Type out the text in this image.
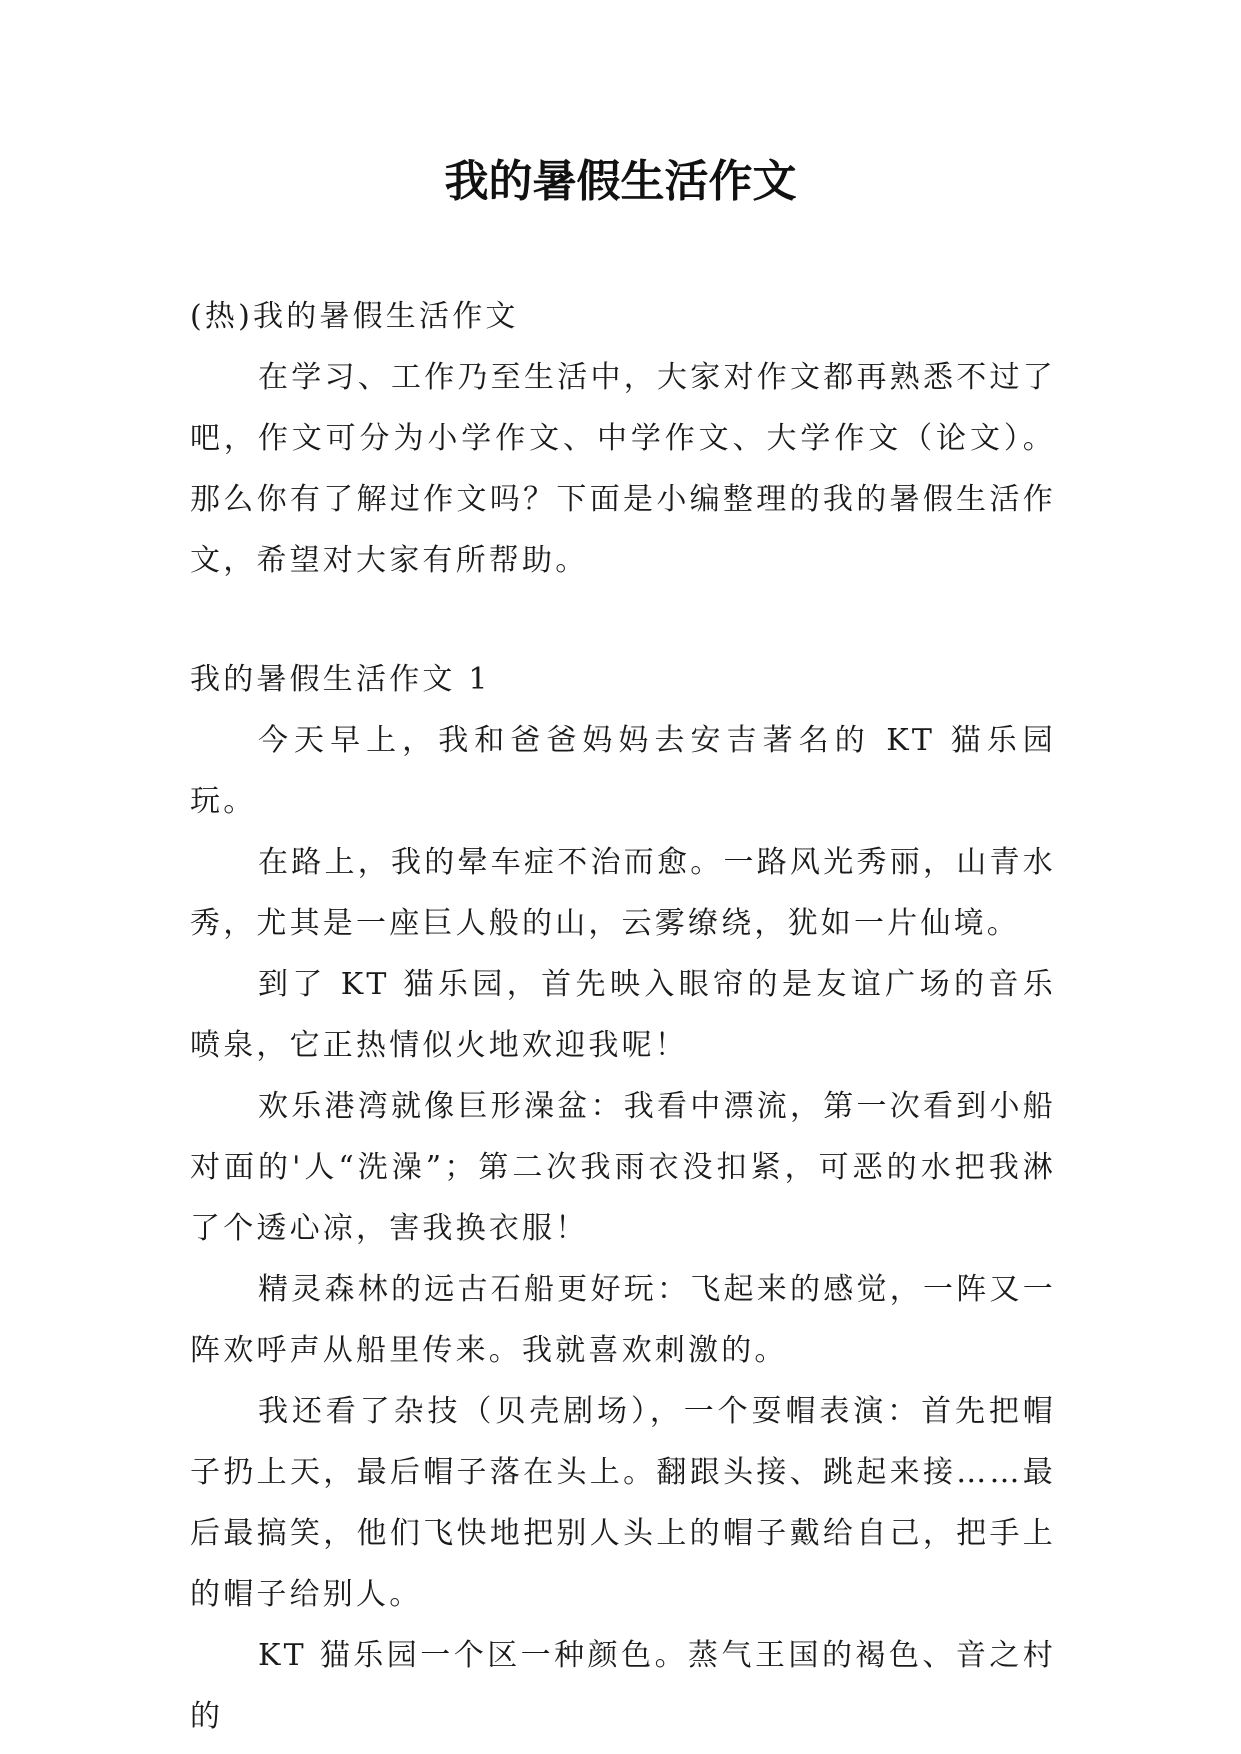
我的暑假生活作文

(热)我的暑假生活作文

在学习、工作乃至生活中，大家对作文都再熟悉不过了吧，作文可分为小学作文、中学作文、大学作文（论文）。那么你有了解过作文吗？下面是小编整理的我的暑假生活作文，希望对大家有所帮助。

我的暑假生活作文 1

今天早上，我和爸爸妈妈去安吉著名的 KT 猫乐园玩。

在路上，我的晕车症不治而愈。一路风光秀丽，山青水秀，尤其是一座巨人般的山，云雾缭绕，犹如一片仙境。

到了 KT 猫乐园，首先映入眼帘的是友谊广场的音乐喷泉，它正热情似火地欢迎我呢！

欢乐港湾就像巨形澡盆：我看中漂流，第一次看到小船对面的'人“洗澡”；第二次我雨衣没扣紧，可恶的水把我淋了个透心凉，害我换衣服！

精灵森林的远古石船更好玩：飞起来的感觉，一阵又一阵欢呼声从船里传来。我就喜欢刺激的。

我还看了杂技（贝壳剧场），一个耍帽表演：首先把帽子扔上天，最后帽子落在头上。翻跟头接、跳起来接……最后最搞笑，他们飞快地把别人头上的帽子戴给自己，把手上的帽子给别人。

KT 猫乐园一个区一种颜色。蒸气王国的褐色、音之村的
